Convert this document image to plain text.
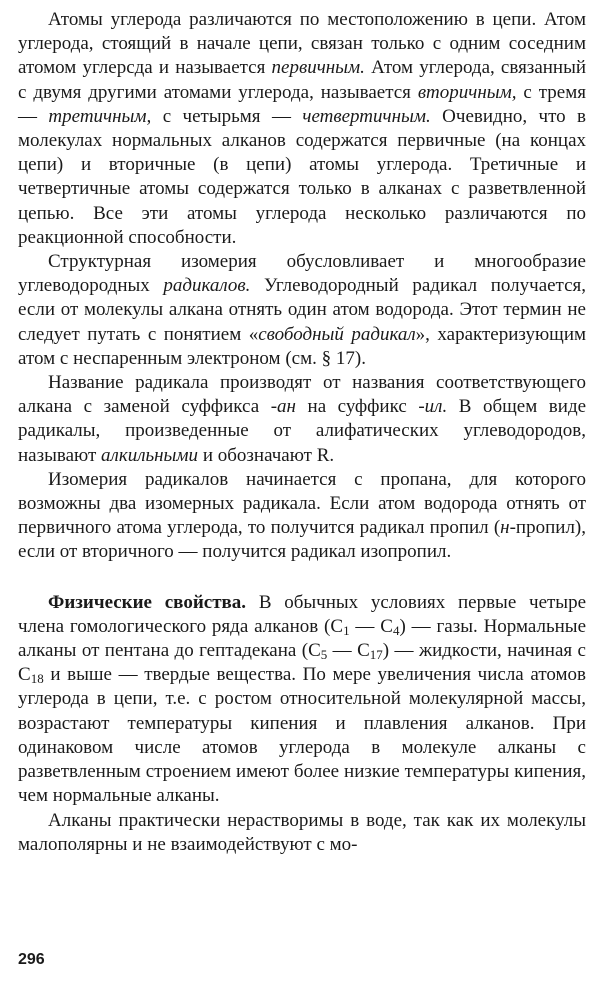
Атомы углерода различаются по местоположению в цепи. Атом углерода, стоящий в начале цепи, связан только с одним соседним атомом углерсда и называется первичным. Атом углерода, связанный с двумя другими атомами углерода, называется вторичным, с тремя — третичным, с четырьмя — четвертичным. Очевидно, что в молекулах нормальных алканов содержатся первичные (на концах цепи) и вторичные (в цепи) атомы углерода. Третичные и четвертичные атомы содержатся только в алканах с разветвленной цепью. Все эти атомы углерода несколько различаются по реакционной способности.

Структурная изомерия обусловливает и многообразие углеводородных радикалов. Углеводородный радикал получается, если от молекулы алкана отнять один атом водорода. Этот термин не следует путать с понятием «свободный радикал», характеризующим атом с неспаренным электроном (см. § 17).

Название радикала производят от названия соответствующего алкана с заменой суффикса -ан на суффикс -ил. В общем виде радикалы, произведенные от алифатических углеводородов, называют алкильными и обозначают R.

Изомерия радикалов начинается с пропана, для которого возможны два изомерных радикала. Если атом водорода отнять от первичного атома углерода, то получится радикал пропил (н-пропил), если от вторичного — получится радикал изопропил.

Физические свойства. В обычных условиях первые четыре члена гомологического ряда алканов ($С_1$ — $С_4$) — газы. Нормальные алканы от пентана до гептадекана ($С_5$ — $С_{17}$) — жидкости, начиная с $С_{18}$ и выше — твердые вещества. По мере увеличения числа атомов углерода в цепи, т.е. с ростом относительной молекулярной массы, возрастают температуры кипения и плавления алканов. При одинаковом числе атомов углерода в молекуле алканы с разветвленным строением имеют более низкие температуры кипения, чем нормальные алканы.

Алканы практически нерастворимы в воде, так как их молекулы малополярны и не взаимодействуют с мо-

296
